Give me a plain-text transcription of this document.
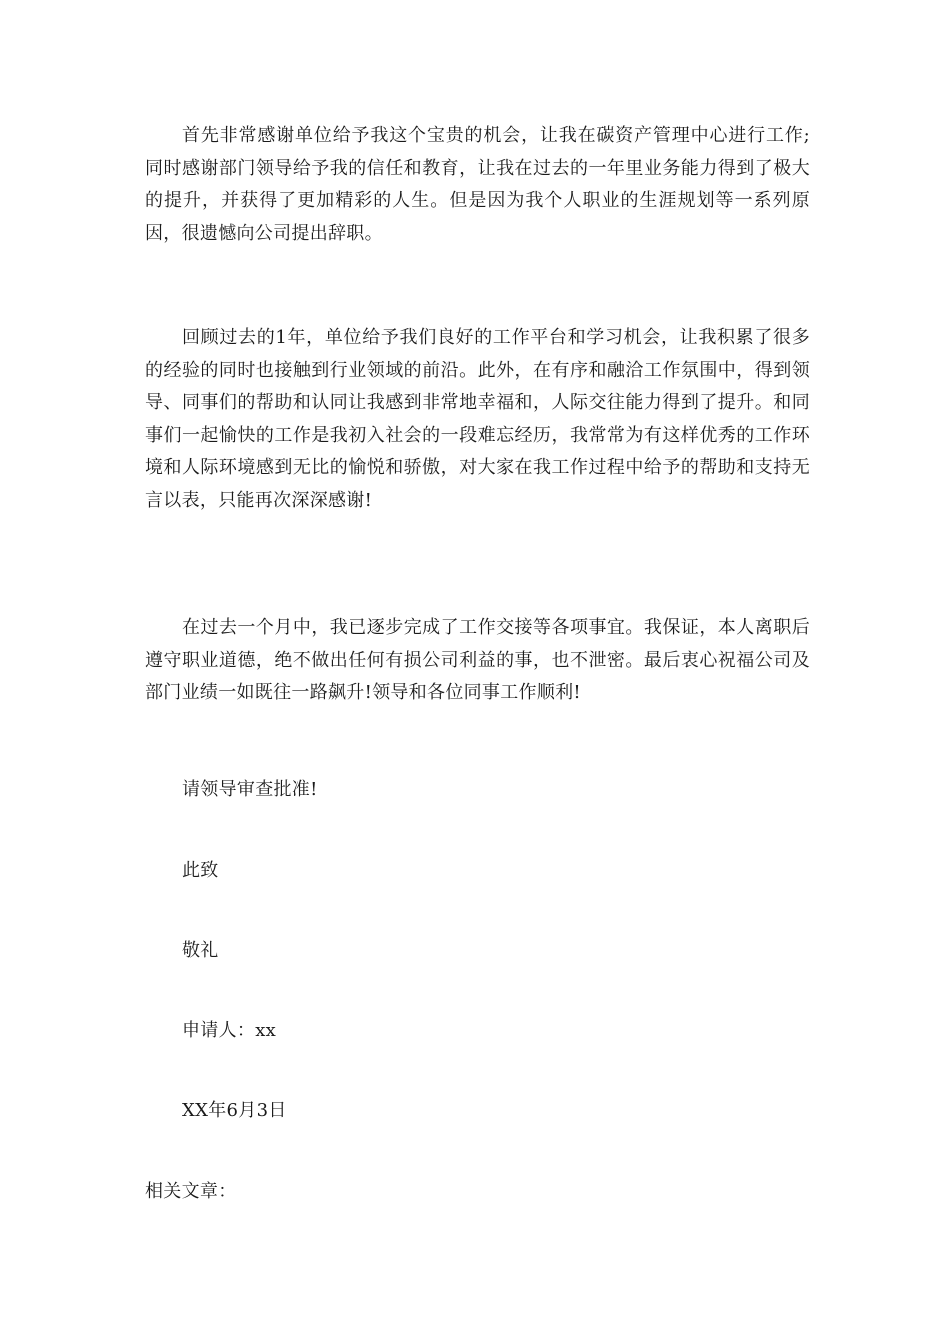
首先非常感谢单位给予我这个宝贵的机会，让我在碳资产管理中心进行工作;同时感谢部门领导给予我的信任和教育，让我在过去的一年里业务能力得到了极大的提升，并获得了更加精彩的人生。但是因为我个人职业的生涯规划等一系列原因，很遗憾向公司提出辞职。

回顾过去的1年，单位给予我们良好的工作平台和学习机会，让我积累了很多的经验的同时也接触到行业领域的前沿。此外，在有序和融洽工作氛围中，得到领导、同事们的帮助和认同让我感到非常地幸福和，人际交往能力得到了提升。和同事们一起愉快的工作是我初入社会的一段难忘经历，我常常为有这样优秀的工作环境和人际环境感到无比的愉悦和骄傲，对大家在我工作过程中给予的帮助和支持无言以表，只能再次深深感谢!

在过去一个月中，我已逐步完成了工作交接等各项事宜。我保证，本人离职后遵守职业道德，绝不做出任何有损公司利益的事，也不泄密。最后衷心祝福公司及部门业绩一如既往一路飙升!领导和各位同事工作顺利!

请领导审查批准!

此致

敬礼

申请人：xx

XX年6月3日

相关文章：
